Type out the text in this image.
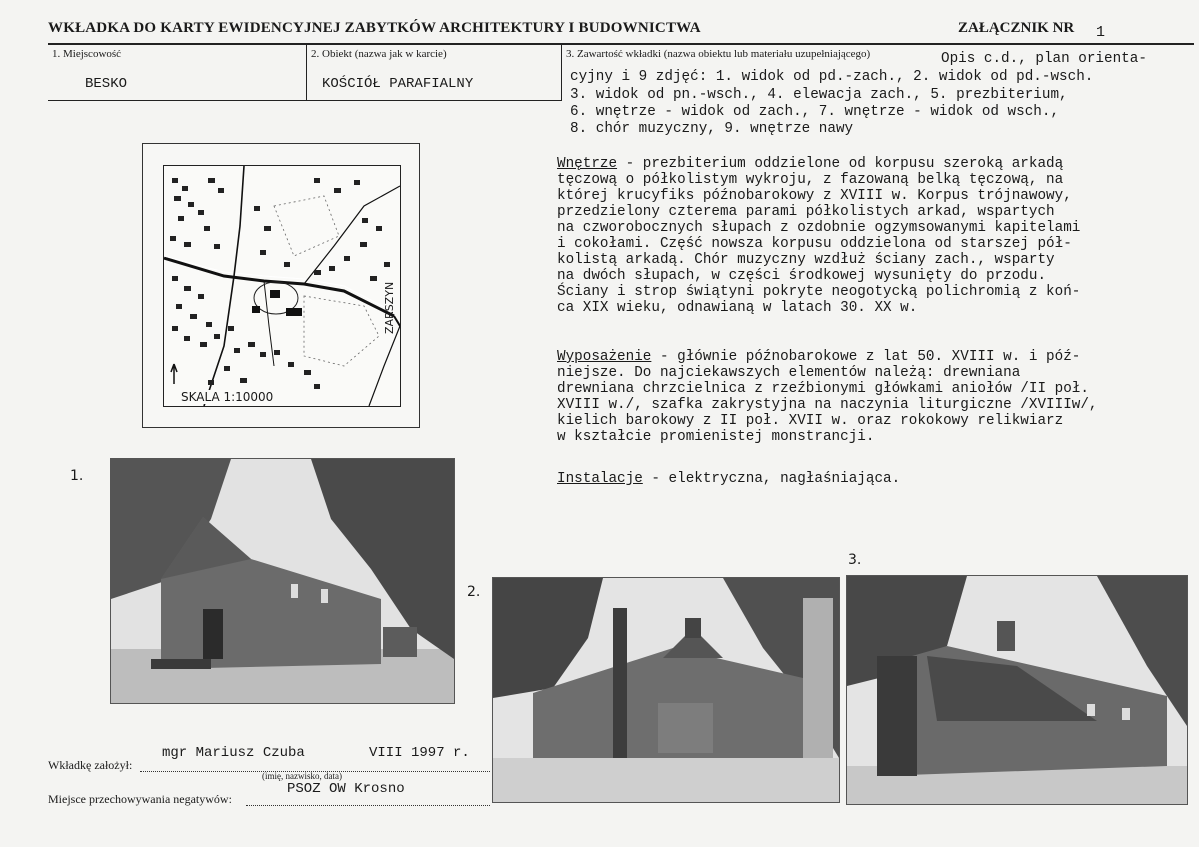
WKŁADKA DO KARTY EWIDENCYJNEJ ZABYTKÓW ARCHITEKTURY I BUDOWNICTWA	ZAŁĄCZNIK NR 1
1. Miejscowość
BESKO
2. Obiekt (nazwa jak w karcie)
KOŚCIÓŁ PARAFIALNY
3. Zawartość wkładki (nazwa obiektu lub materiału uzupełniającego)	Opis c.d., plan orienta-
cyjny i 9 zdjęć: 1. widok od pd.-zach., 2. widok od pd.-wsch.
3. widok od pn.-wsch., 4. elewacja zach., 5. prezbiterium,
6. wnętrze - widok od zach., 7. wnętrze - widok od wsch.,
8. chór muzyczny, 9. wnętrze nawy
Wnętrze - prezbiterium oddzielone od korpusu szeroką arkadą
tęczową o półkolistym wykroju, z fazowaną belką tęczową, na
której krucyfiks późnobarokowy z XVIII w. Korpus trójnawowy,
przedzielony czterema parami półkolistych arkad, wspartych
na czworobocznych słupach z ozdobnie ogzymsowanymi kapitelami
i cokołami. Część nowsza korpusu oddzielona od starszej pół-
kolistą arkadą. Chór muzyczny wzdłuż ściany zach., wsparty
na dwóch słupach, w części środkowej wysunięty do przodu.
Ściany i strop świątyni pokryte neogotycką polichromią z koń-
ca XIX wieku, odnawianą w latach 30. XX w.
Wyposażenie - głównie późnobarokowe z lat 50. XVIII w. i póź-
niejsze. Do najciekawszych elementów należą: drewniana
drewniana chrzcielnica z rzeźbionymi główkami aniołów /II poł.
XVIII w./, szafka zakrystyjna na naczynia liturgiczne /XVIIIw/,
kielich barokowy z II poł. XVII w. oraz rokokowy relikwiarz
w kształcie promienistej monstrancji.
Instalacje - elektryczna, nagłaśniająca.
SKALA 1:10000
ZARSZYN
1.
2.
3.
Wkładkę założył:
mgr Mariusz Czuba	VIII 1997 r.
(imię, nazwisko, data)
Miejsce przechowywania negatywów:
PSOZ OW Krosno
